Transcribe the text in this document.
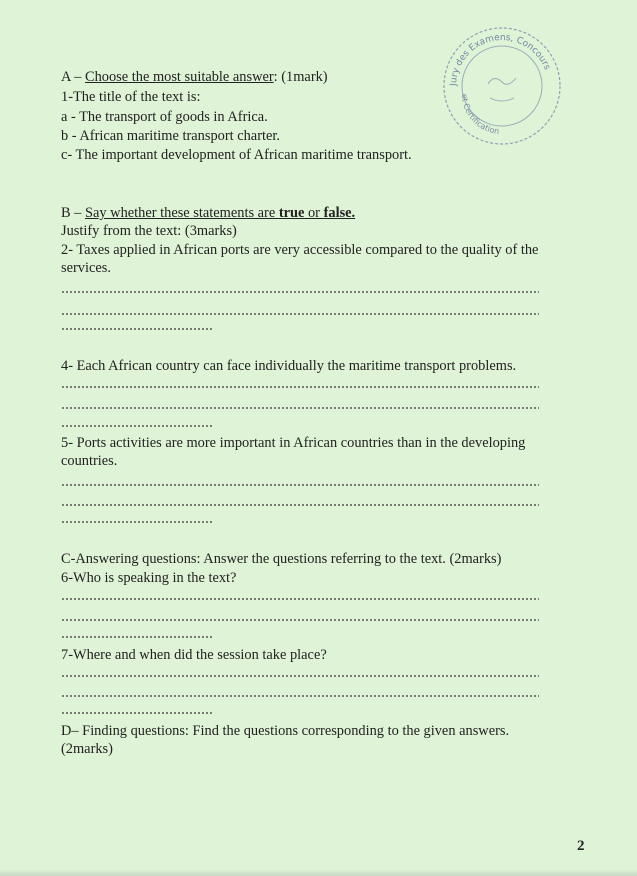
Jury des Examens, Concours
et Certification
A – Choose the most suitable answer: (1mark)
1-The title of the text is:
a - The transport of goods in Africa.
b - African maritime transport charter.
c- The important development of African maritime transport.
B – Say whether these statements are true or false.
Justify from the text: (3marks)
2- Taxes applied in African ports are very accessible compared to the quality of the services.
4- Each African country can face individually the maritime transport problems.
5- Ports activities are more important in African countries than in the developing countries.
C-Answering questions: Answer the questions referring to the text. (2marks)
6-Who is speaking in the text?
7-Where and when did the session take place?
D– Finding questions: Find the questions corresponding to the given answers. (2marks)
2
